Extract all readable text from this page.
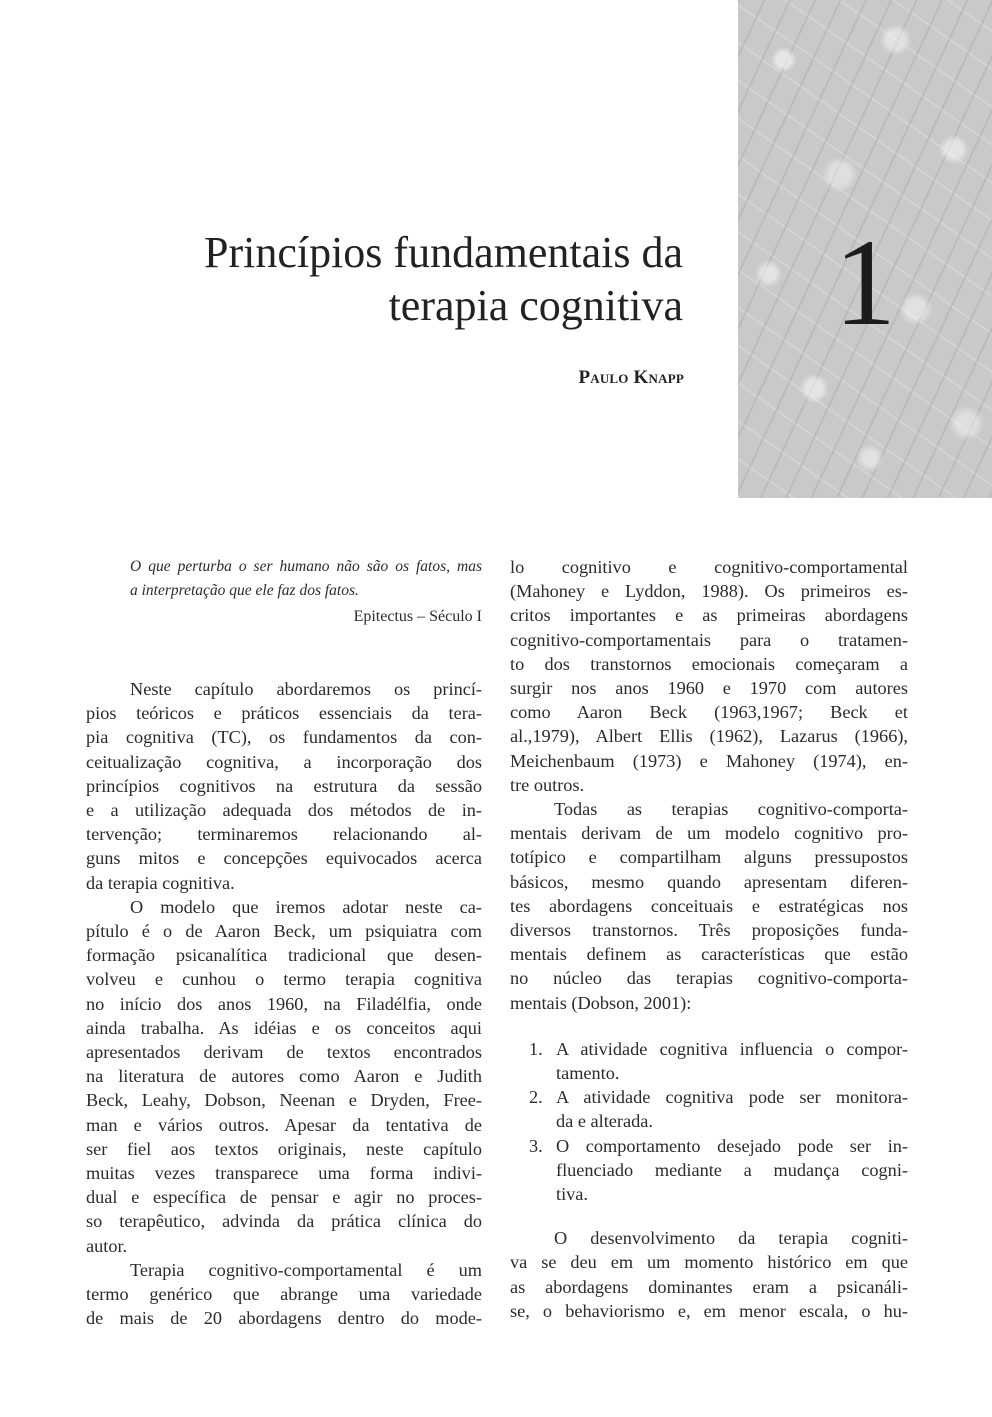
1
Princípios fundamentais da
terapia cognitiva
Paulo Knapp
O que perturba o ser humano não são os fatos, mas
a interpretação que ele faz dos fatos.
Epitectus – Século I
Neste capítulo abordaremos os princí-
pios teóricos e práticos essenciais da tera-
pia cognitiva (TC), os fundamentos da con-
ceitualização cognitiva, a incorporação dos
princípios cognitivos na estrutura da sessão
e a utilização adequada dos métodos de in-
tervenção; terminaremos relacionando al-
guns mitos e concepções equivocados acerca
da terapia cognitiva.
O modelo que iremos adotar neste ca-
pítulo é o de Aaron Beck, um psiquiatra com
formação psicanalítica tradicional que desen-
volveu e cunhou o termo terapia cognitiva
no início dos anos 1960, na Filadélfia, onde
ainda trabalha. As idéias e os conceitos aqui
apresentados derivam de textos encontrados
na literatura de autores como Aaron e Judith
Beck, Leahy, Dobson, Neenan e Dryden, Free-
man e vários outros. Apesar da tentativa de
ser fiel aos textos originais, neste capítulo
muitas vezes transparece uma forma indivi-
dual e específica de pensar e agir no proces-
so terapêutico, advinda da prática clínica do
autor.
Terapia cognitivo-comportamental é um
termo genérico que abrange uma variedade
de mais de 20 abordagens dentro do mode-
lo cognitivo e cognitivo-comportamental
(Mahoney e Lyddon, 1988). Os primeiros es-
critos importantes e as primeiras abordagens
cognitivo-comportamentais para o tratamen-
to dos transtornos emocionais começaram a
surgir nos anos 1960 e 1970 com autores
como Aaron Beck (1963,1967; Beck et
al.,1979), Albert Ellis (1962), Lazarus (1966),
Meichenbaum (1973) e Mahoney (1974), en-
tre outros.
Todas as terapias cognitivo-comporta-
mentais derivam de um modelo cognitivo pro-
totípico e compartilham alguns pressupostos
básicos, mesmo quando apresentam diferen-
tes abordagens conceituais e estratégicas nos
diversos transtornos. Três proposições funda-
mentais definem as características que estão
no núcleo das terapias cognitivo-comporta-
mentais (Dobson, 2001):
1. A atividade cognitiva influencia o compor-
tamento.
2. A atividade cognitiva pode ser monitora-
da e alterada.
3. O comportamento desejado pode ser in-
fluenciado mediante a mudança cogni-
tiva.
O desenvolvimento da terapia cogniti-
va se deu em um momento histórico em que
as abordagens dominantes eram a psicanáli-
se, o behaviorismo e, em menor escala, o hu-
